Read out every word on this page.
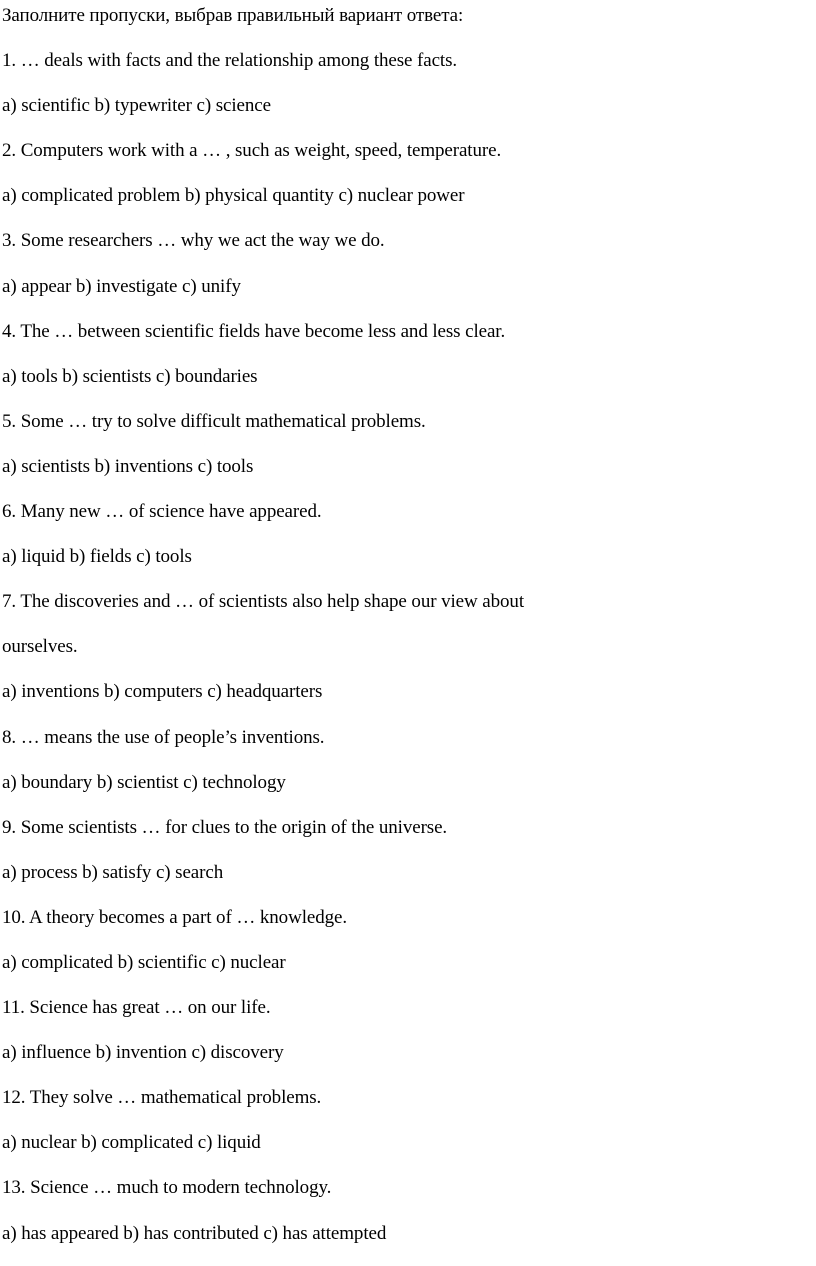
Заполните пропуски, выбрав правильный вариант ответа:
1. … deals with facts and the relationship among these facts.
a) scientific b) typewriter c) science
2. Computers work with a … , such as weight, speed, temperature.
a) complicated problem b) physical quantity c) nuclear power
3. Some researchers … why we act the way we do.
a) appear b) investigate c) unify
4. The … between scientific fields have become less and less clear.
a) tools b) scientists c) boundaries
5. Some … try to solve difficult mathematical problems.
a) scientists b) inventions c) tools
6. Many new … of science have appeared.
a) liquid b) fields c) tools
7. The discoveries and … of scientists also help shape our view about
ourselves.
a) inventions b) computers c) headquarters
8. … means the use of people’s inventions.
a) boundary b) scientist c) technology
9. Some scientists … for clues to the origin of the universe.
a) process b) satisfy c) search
10. A theory becomes a part of … knowledge.
a) complicated b) scientific c) nuclear
11. Science has great … on our life.
a) influence b) invention c) discovery
12. They solve … mathematical problems.
a) nuclear b) complicated c) liquid
13. Science … much to modern technology.
a) has appeared b) has contributed c) has attempted
